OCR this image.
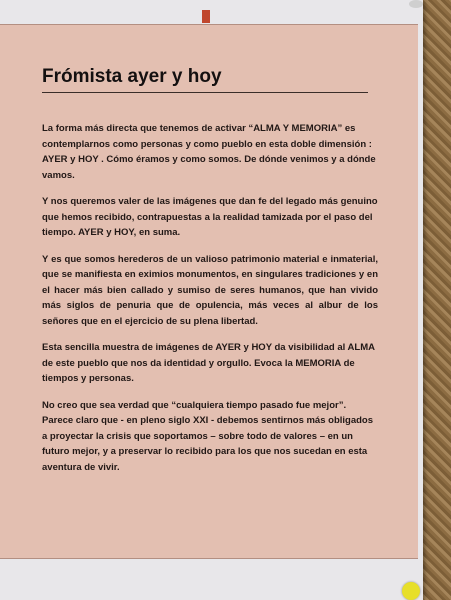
Frómista ayer y hoy

La forma más directa que tenemos de activar “ALMA Y MEMORIA” es contemplarnos como personas y como pueblo en esta doble dimensión : AYER y HOY . Cómo éramos y como somos. De dónde venimos y a dónde vamos.

Y nos queremos valer de las imágenes que dan fe del legado más genuino que hemos recibido, contrapuestas a la realidad tamizada por el paso del tiempo. AYER y HOY, en suma.

Y es que somos herederos de un valioso patrimonio material e inmaterial, que se manifiesta en eximios monumentos, en singulares tradiciones y en el hacer más bien callado y sumiso de seres humanos, que han vivido más siglos de penuria que de opulencia, más veces al albur de los señores que en el ejercicio de su plena libertad.

Esta sencilla muestra de imágenes de AYER y HOY da visibilidad al ALMA de este pueblo que nos da identidad y orgullo. Evoca la MEMORIA de tiempos y personas.

No creo que sea verdad que “cualquiera tiempo pasado fue mejor”. Parece claro que - en pleno siglo XXI - debemos sentirnos más obligados a proyectar la crisis que soportamos – sobre todo de valores – en un futuro mejor, y a preservar lo recibido para los que nos sucedan en esta aventura de vivir.
